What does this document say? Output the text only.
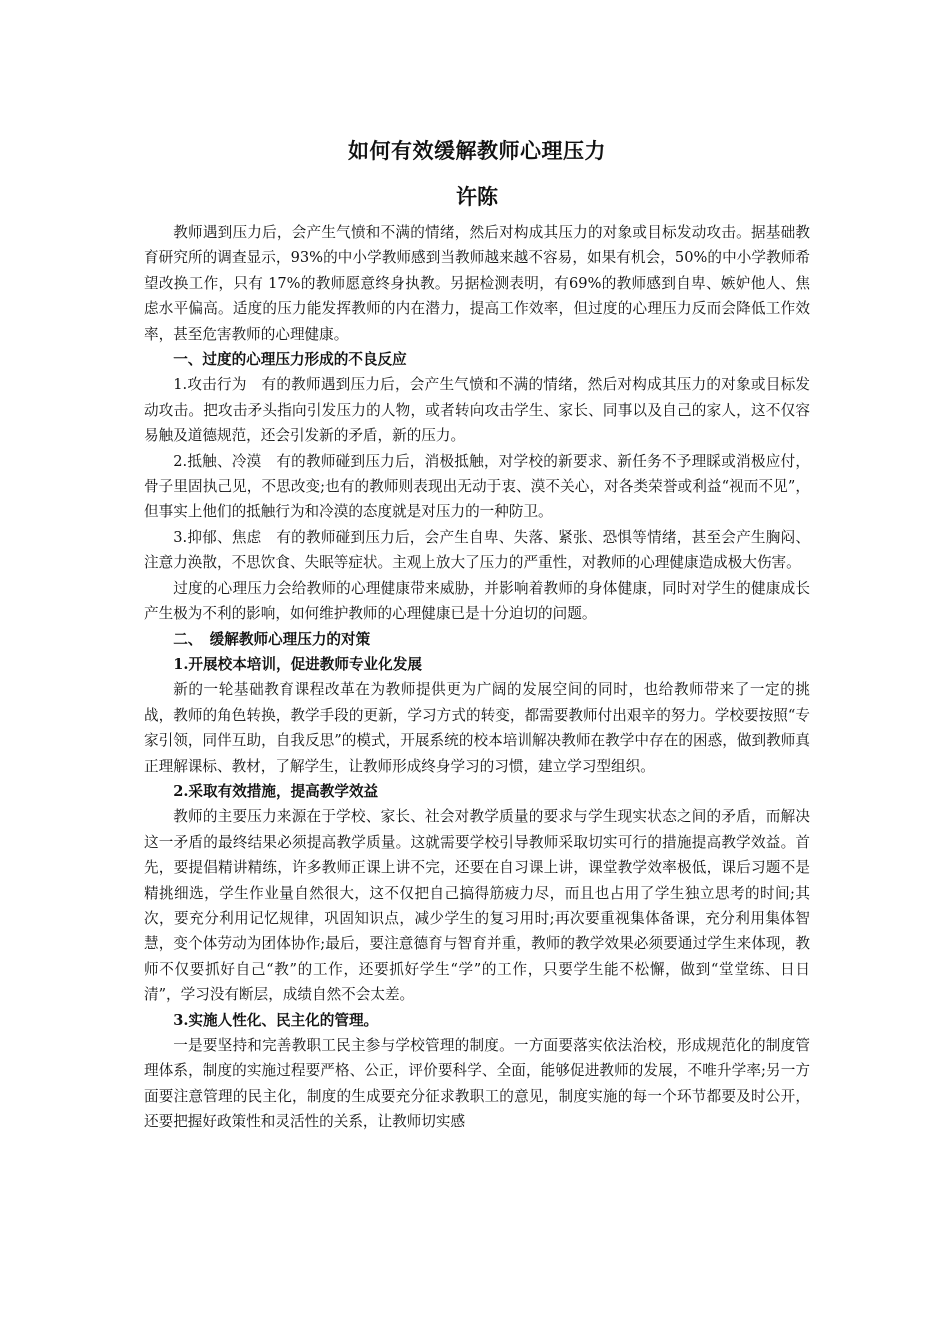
如何有效缓解教师心理压力
许陈

教师遇到压力后，会产生气愤和不满的情绪，然后对构成其压力的对象或目标发动攻击。据基础教育研究所的调查显示，93%的中小学教师感到当教师越来越不容易，如果有机会，50%的中小学教师希望改换工作，只有 17%的教师愿意终身执教。另据检测表明，有69%的教师感到自卑、嫉妒他人、焦虑水平偏高。适度的压力能发挥教师的内在潜力，提高工作效率，但过度的心理压力反而会降低工作效率，甚至危害教师的心理健康。

一、过度的心理压力形成的不良反应

1.攻击行为　有的教师遇到压力后，会产生气愤和不满的情绪，然后对构成其压力的对象或目标发动攻击。把攻击矛头指向引发压力的人物，或者转向攻击学生、家长、同事以及自己的家人，这不仅容易触及道德规范，还会引发新的矛盾，新的压力。

2.抵触、冷漠　有的教师碰到压力后，消极抵触，对学校的新要求、新任务不予理睬或消极应付，骨子里固执己见，不思改变;也有的教师则表现出无动于衷、漠不关心，对各类荣誉或利益“视而不见”，但事实上他们的抵触行为和冷漠的态度就是对压力的一种防卫。

3.抑郁、焦虑　有的教师碰到压力后，会产生自卑、失落、紧张、恐惧等情绪，甚至会产生胸闷、注意力涣散，不思饮食、失眠等症状。主观上放大了压力的严重性，对教师的心理健康造成极大伤害。

过度的心理压力会给教师的心理健康带来威胁，并影响着教师的身体健康，同时对学生的健康成长产生极为不利的影响，如何维护教师的心理健康已是十分迫切的问题。

二、　缓解教师心理压力的对策

1.开展校本培训，促进教师专业化发展

新的一轮基础教育课程改革在为教师提供更为广阔的发展空间的同时，也给教师带来了一定的挑战，教师的角色转换，教学手段的更新，学习方式的转变，都需要教师付出艰辛的努力。学校要按照“专家引领，同伴互助，自我反思”的模式，开展系统的校本培训解决教师在教学中存在的困惑，做到教师真正理解课标、教材，了解学生，让教师形成终身学习的习惯，建立学习型组织。

2.采取有效措施，提高教学效益

教师的主要压力来源在于学校、家长、社会对教学质量的要求与学生现实状态之间的矛盾，而解决这一矛盾的最终结果必须提高教学质量。这就需要学校引导教师采取切实可行的措施提高教学效益。首先，要提倡精讲精练，许多教师正课上讲不完，还要在自习课上讲，课堂教学效率极低，课后习题不是精挑细选，学生作业量自然很大，这不仅把自己搞得筋疲力尽，而且也占用了学生独立思考的时间;其次，要充分利用记忆规律，巩固知识点，减少学生的复习用时;再次要重视集体备课，充分利用集体智慧，变个体劳动为团体协作;最后，要注意德育与智育并重，教师的教学效果必须要通过学生来体现，教师不仅要抓好自己“教”的工作，还要抓好学生“学”的工作，只要学生能不松懈，做到“堂堂练、日日清”，学习没有断层，成绩自然不会太差。

3.实施人性化、民主化的管理。

一是要坚持和完善教职工民主参与学校管理的制度。一方面要落实依法治校，形成规范化的制度管理体系，制度的实施过程要严格、公正，评价要科学、全面，能够促进教师的发展，不唯升学率;另一方面要注意管理的民主化，制度的生成要充分征求教职工的意见，制度实施的每一个环节都要及时公开，还要把握好政策性和灵活性的关系，让教师切实感
